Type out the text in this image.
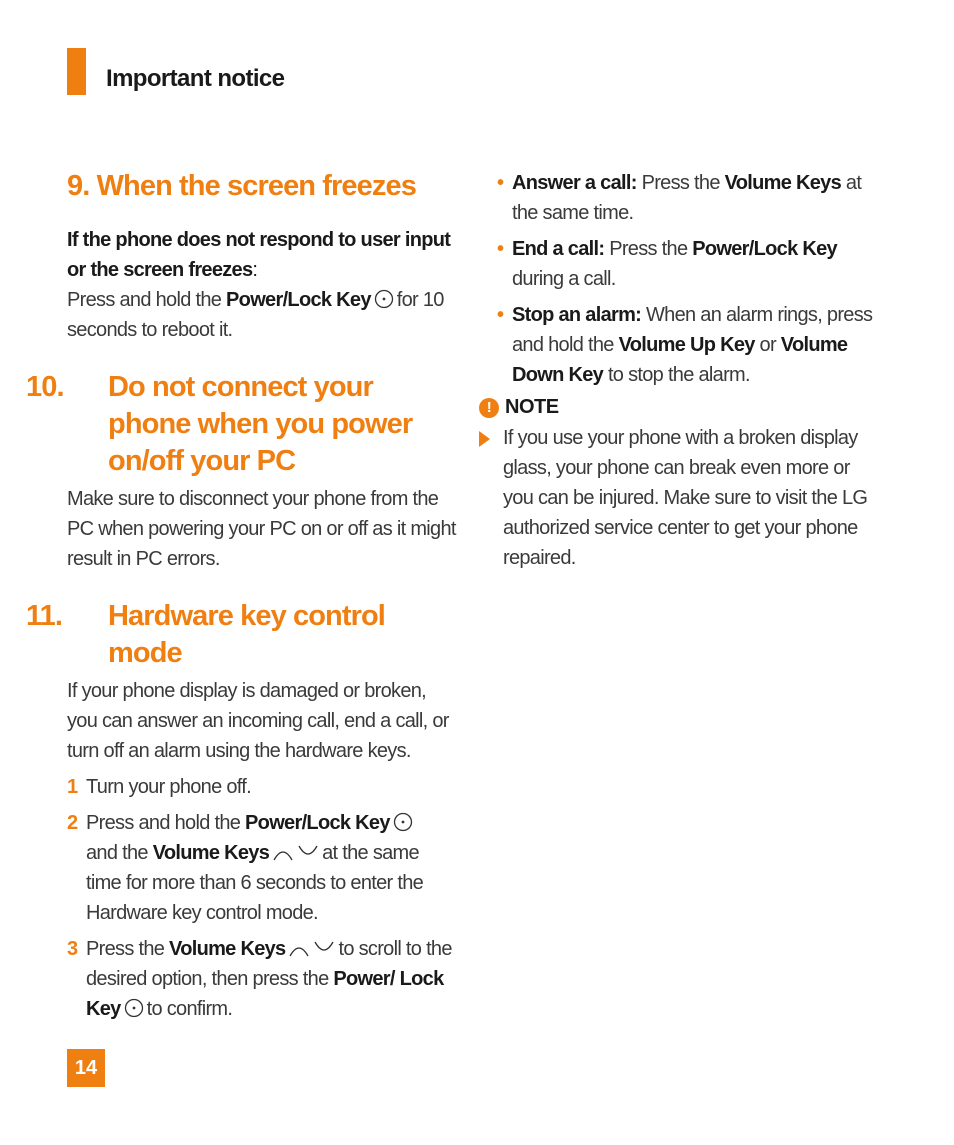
Important notice
9. When the screen freezes

If the phone does not respond to user input or the screen freezes:

Press and hold the Power/Lock Key for 10 seconds to reboot it.

10. Do not connect your phone when you power on/off your PC

Make sure to disconnect your phone from the PC when powering your PC on or off as it might result in PC errors.

11. Hardware key control mode

If your phone display is damaged or broken, you can answer an incoming call, end a call, or turn off an alarm using the hardware keys.

1 Turn your phone off.
2 Press and hold the Power/Lock Key
and the Volume Keys	at the same time for more than 6 seconds to enter the Hardware key control mode.
3 Press the Volume Keys	to scroll to the desired option, then press the Power/ Lock Key to confirm.
• Answer a call: Press the Volume Keys at the same time.
• End a call: Press the Power/Lock Key during a call.
• Stop an alarm: When an alarm rings, press and hold the Volume Up Key or Volume Down Key to stop the alarm.
! NOTE
If you use your phone with a broken display glass, your phone can break even more or you can be injured. Make sure to visit the LG authorized service center to get your phone repaired.
14
